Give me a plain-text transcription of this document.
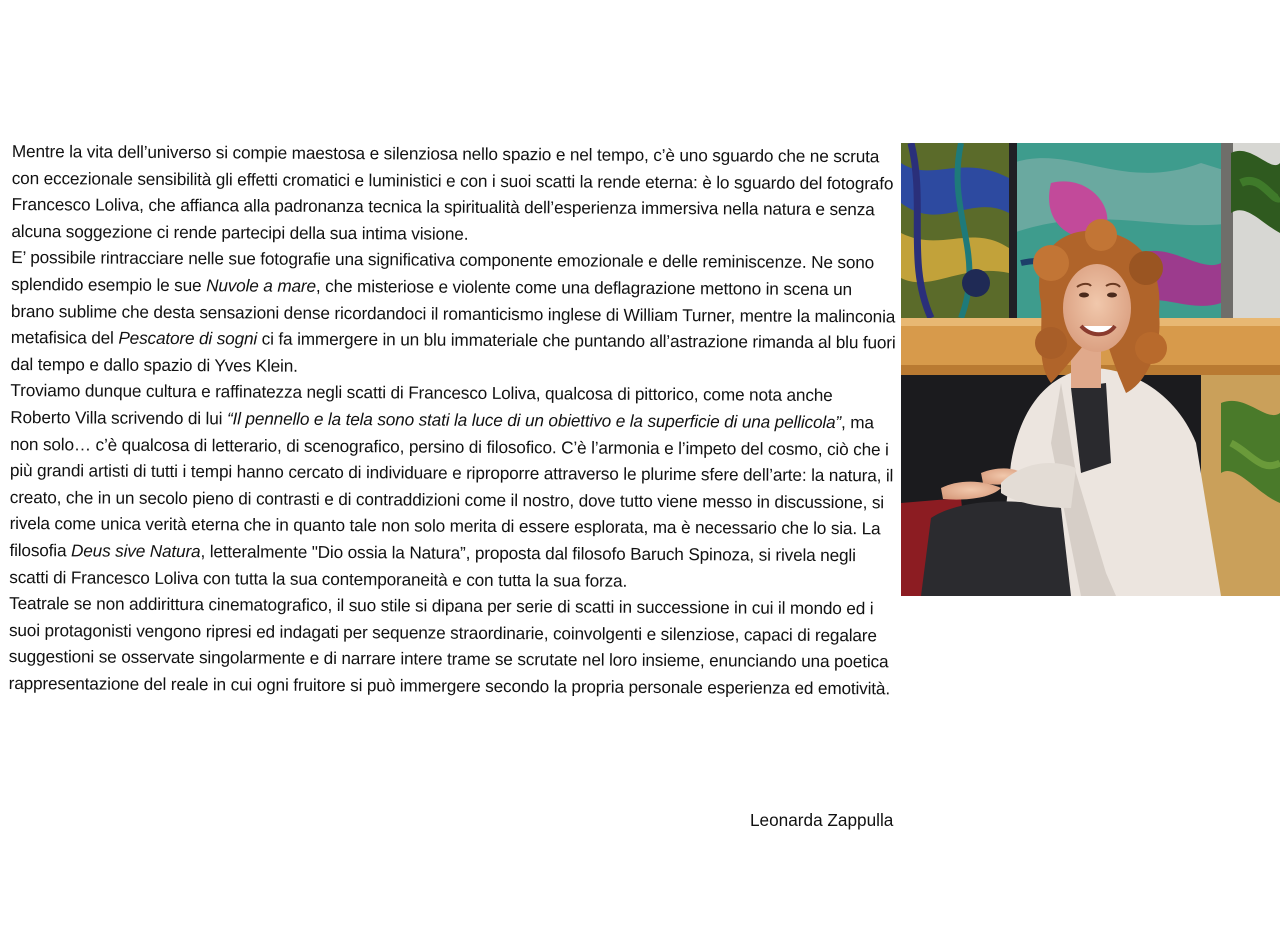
Mentre la vita dell’universo si compie maestosa e silenziosa nello spazio e nel tempo, c’è uno sguardo che ne scruta con eccezionale sensibilità gli effetti cromatici e luministici e con i suoi scatti la rende eterna: è lo sguardo del fotografo Francesco Loliva, che affianca alla padronanza tecnica la spiritualità dell’esperienza immersiva nella natura e senza alcuna soggezione ci rende partecipi della sua intima visione.

E’ possibile rintracciare nelle sue fotografie una significativa componente emozionale e delle reminiscenze. Ne sono splendido esempio le sue Nuvole a mare, che misteriose e violente come una deflagrazione mettono in scena un brano sublime che desta sensazioni dense ricordandoci il romanticismo inglese di William Turner, mentre la malinconia metafisica del Pescatore di sogni ci fa immergere in un blu immateriale che puntando all’astrazione rimanda al blu fuori dal tempo e dallo spazio di Yves Klein.

Troviamo dunque cultura e raffinatezza negli scatti di Francesco Loliva, qualcosa di pittorico, come nota anche Roberto Villa scrivendo di lui “Il pennello e la tela sono stati la luce di un obiettivo e la superficie di una pellicola”, ma non solo… c’è qualcosa di letterario, di scenografico, persino di filosofico. C’è l’armonia e l’impeto del cosmo, ciò che i più grandi artisti di tutti i tempi hanno cercato di individuare e riproporre attraverso le plurime sfere dell’arte: la natura, il creato, che in un secolo pieno di contrasti e di contraddizioni come il nostro, dove tutto viene messo in discussione, si rivela come unica verità eterna che in quanto tale non solo merita di essere esplorata, ma è necessario che lo sia. La filosofia Deus sive Natura, letteralmente "Dio ossia la Natura”, proposta dal filosofo Baruch Spinoza, si rivela negli scatti di Francesco Loliva con tutta la sua contemporaneità e con tutta la sua forza.

Teatrale se non addirittura cinematografico, il suo stile si dipana per serie di scatti in successione in cui il mondo ed i suoi protagonisti vengono ripresi ed indagati per sequenze straordinarie, coinvolgenti e silenziose, capaci di regalare suggestioni se osservate singolarmente e di narrare intere trame se scrutate nel loro insieme, enunciando una poetica rappresentazione del reale in cui ogni fruitore si può immergere secondo la propria personale esperienza ed emotività.

Leonarda Zappulla
